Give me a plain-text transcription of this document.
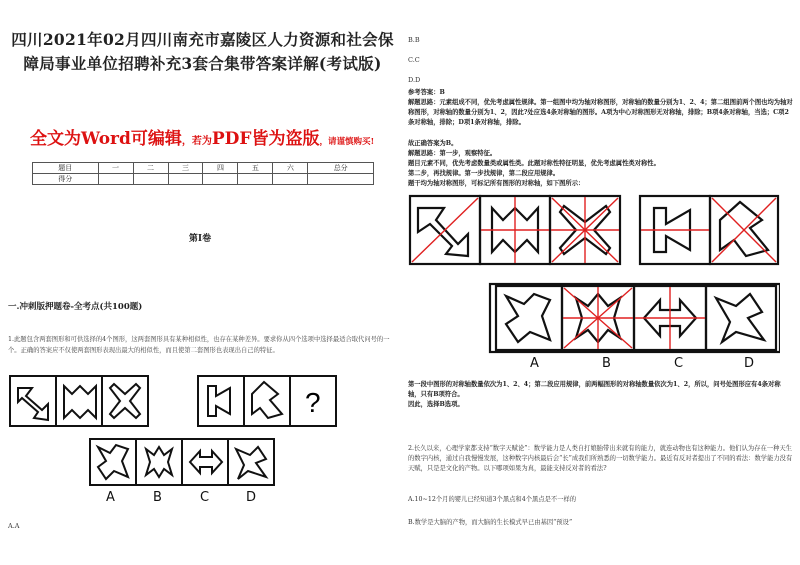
四川2021年02月四川南充市嘉陵区人力资源和社会保障局事业单位招聘补充3套合集带答案详解(考试版)
全文为Word可编辑，若为PDF皆为盗版，请谨慎购买!
题目	一	二	三	四	五	六	总分
得分							
第I卷
一.冲刺版押题卷-全考点(共100题)
1.此题包含两套图形和可供选择的4个图形，这两套图形具有某种相似性，也存在某种差异。要求你从四个选项中选择最适合取代问号的一个。正确的答案应不仅使两套图形表现出最大的相似性，而且使第二套图形也表现出自己的特征。
?
A	B	C	D
A.A
B.B
C.C
D.D
参考答案：B
解题思路：元素组成不同，优先考虑属性规律。第一组图中均为轴对称图形，对称轴的数量分别为1、2、4；第二组图前两个图也均为轴对称图形，对称轴的数量分别为1、2，因此?处应选4条对称轴的图形。A项为中心对称图形无对称轴，排除；B项4条对称轴，当选；C项2条对称轴，排除；D项1条对称轴，排除。
故正确答案为B。
解题思路：第一步，观察特征。
题目元素不同，优先考虑数量类或属性类。此题对称性特征明显，优先考虑属性类对称性。
第二步，再找规律。第一步找规律，第二段应用规律。
题干均为轴对称图形，可标记所有图形的对称轴，如下图所示：
A	B	C	D
第一段中图形的对称轴数量依次为1、2、4；第二段应用规律，前两幅图形的对称轴数量依次为1、2，所以，问号处图形应有4条对称轴，只有B项符合。
因此，选择B选项。
2.长久以来，心理学家都支持“数字天赋论”：数学能力是人类自打娘胎带出来就有的能力，就连动物也有这种能力。他们认为存在一种天生的数字内核，通过自我慢慢发展，这种数字内核最后会“长”成我们所熟悉的一切数学能力。最近有反对者提出了不同的看法：数学能力没有天赋，只是是文化的产物。以下哪项如果为真，最能支持反对者的看法?
A.10~12个月的婴儿已经知道3个黑点和4个黑点是不一样的
B.数学是大脑的产物，而大脑的生长模式早已由基因“预设”
